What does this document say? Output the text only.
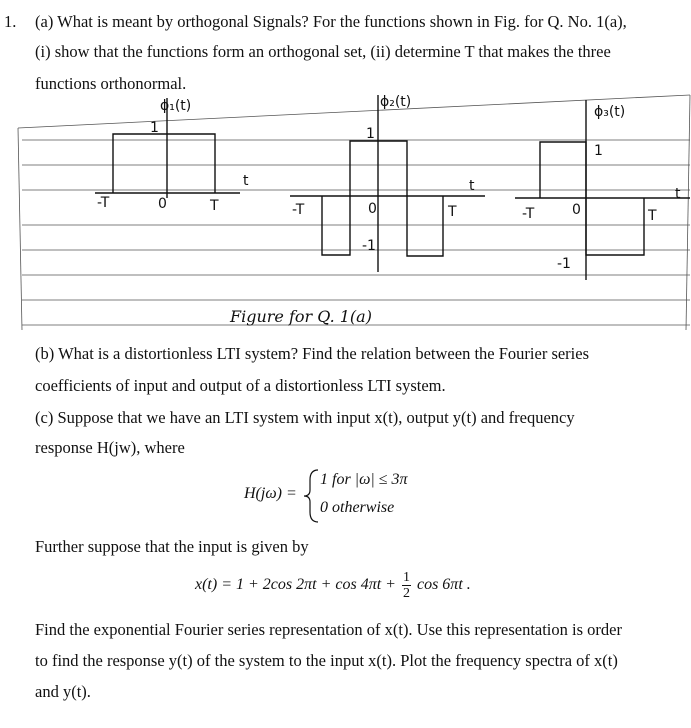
1. (a) What is meant by orthogonal Signals? For the functions shown in Fig. for Q. No. 1(a),
(i) show that the functions form an orthogonal set, (ii) determine T that makes the three
functions orthonormal.
ϕ₁(t)
1
-T	0	T
t
ϕ₂(t)
1
-T	0	T
t
-1
ϕ₃(t)
1
-T	0	T
t
-1
Figure for Q. 1(a)
(b) What is a distortionless LTI system? Find the relation between the Fourier series
coefficients of input and output of a distortionless LTI system.
(c) Suppose that we have an LTI system with input x(t), output y(t) and frequency
response H(jw), where
H(jω) =
1 for |ω| ≤ 3π
0 otherwise
Further suppose that the input is given by
x(t) = 1 + 2cos $2\pi t + \cos 4\pi t + \frac{1}{2}$ cos 6πt .
Find the exponential Fourier series representation of x(t). Use this representation is order
to find the response y(t) of the system to the input x(t). Plot the frequency spectra of x(t)
and y(t).
